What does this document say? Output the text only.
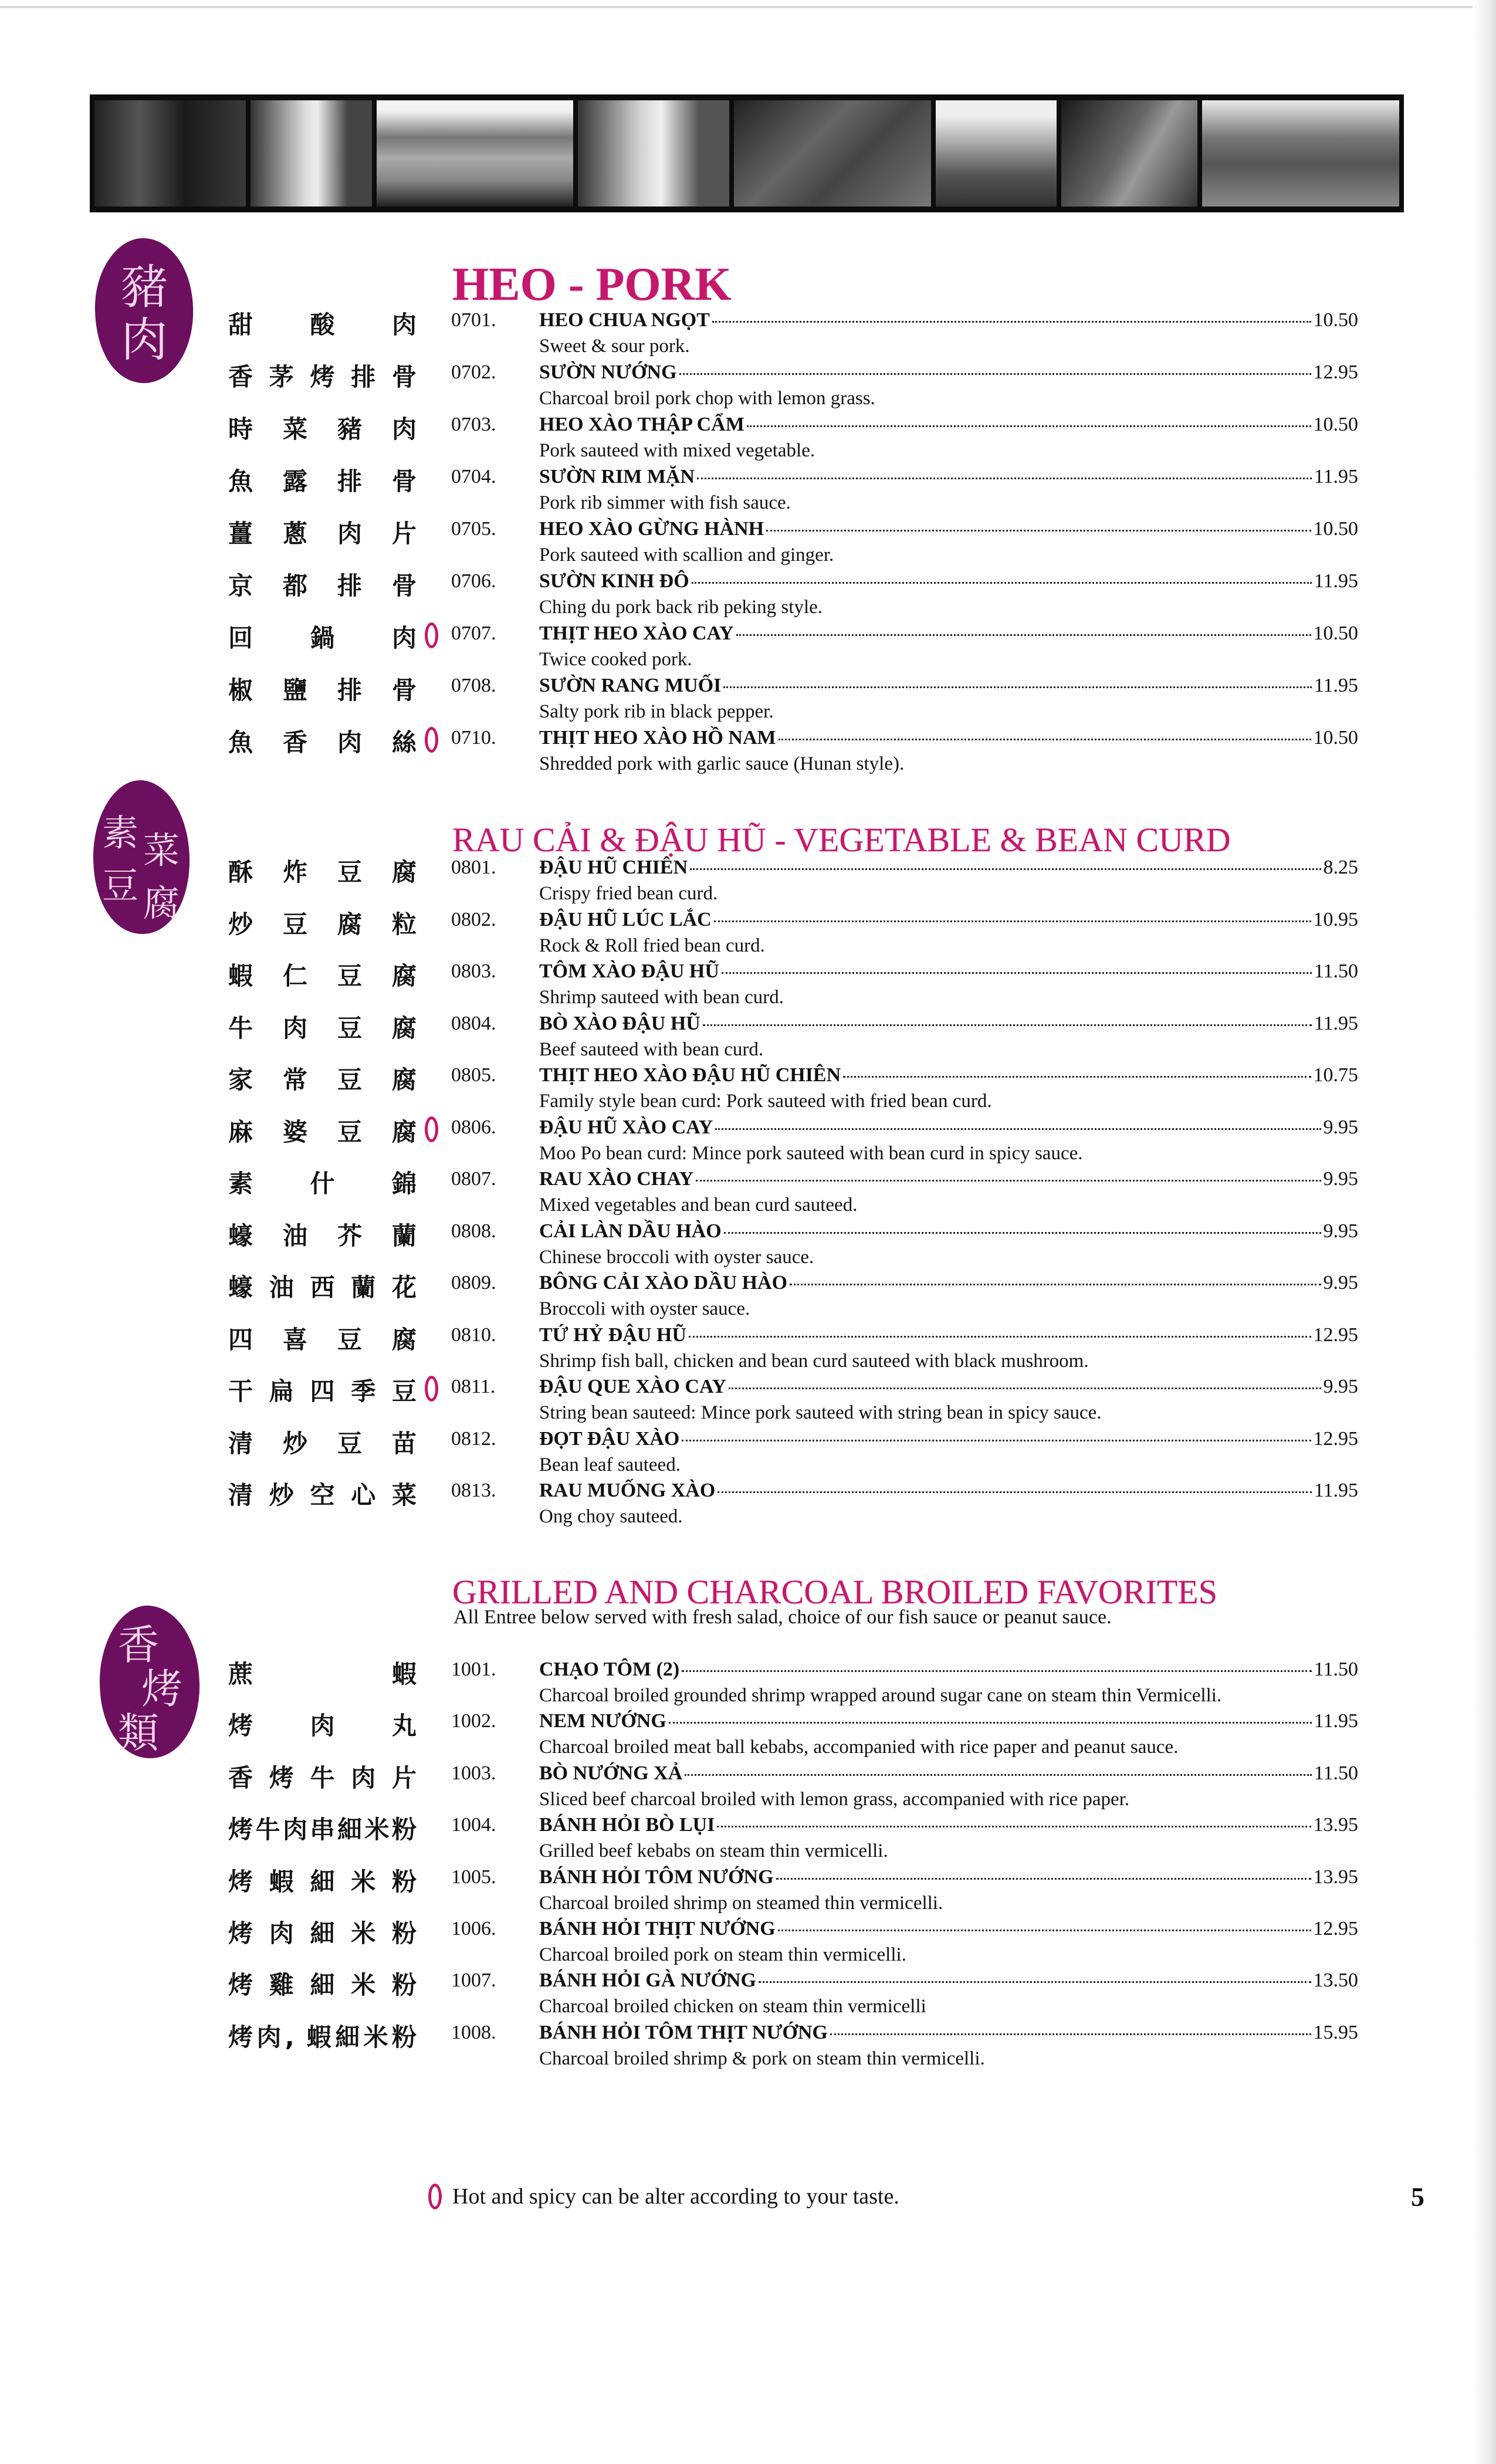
豬
肉
素 菜
豆 腐
香
烤
類
HEO - PORK
RAU CẢI & ĐẬU HŨ - VEGETABLE & BEAN CURD
GRILLED AND CHARCOAL BROILED FAVORITES
All Entree below served with fresh salad, choice of our fish sauce or peanut sauce.
甜 酸 肉 0701. HEO CHUA NGỌT	10.50
Sweet & sour pork.
香 茅 烤 排 骨 0702. SƯỜN NƯỚNG	12.95
Charcoal broil pork chop with lemon grass.
時 菜 豬 肉 0703. HEO XÀO THẬP CẨM	10.50
Pork sauteed with mixed vegetable.
魚 露 排 骨 0704. SƯỜN RIM MẶN	11.95
Pork rib simmer with fish sauce.
薑 蔥 肉 片 0705. HEO XÀO GỪNG HÀNH	10.50
Pork sauteed with scallion and ginger.
京 都 排 骨 0706. SƯỜN KINH ĐÔ	11.95
Ching du pork back rib peking style.
回 鍋 肉 0707. THỊT HEO XÀO CAY	10.50
Twice cooked pork.
椒 鹽 排 骨 0708. SƯỜN RANG MUỐI	11.95
Salty pork rib in black pepper.
魚 香 肉 絲 0710. THỊT HEO XÀO HỒ NAM	10.50
Shredded pork with garlic sauce (Hunan style).
酥 炸 豆 腐 0801. ĐẬU HŨ CHIÊN	8.25
Crispy fried bean curd.
炒 豆 腐 粒 0802. ĐẬU HŨ LÚC LẮC	10.95
Rock & Roll fried bean curd.
蝦 仁 豆 腐 0803. TÔM XÀO ĐẬU HŨ	11.50
Shrimp sauteed with bean curd.
牛 肉 豆 腐 0804. BÒ XÀO ĐẬU HŨ	11.95
Beef sauteed with bean curd.
家 常 豆 腐 0805. THỊT HEO XÀO ĐẬU HŨ CHIÊN	10.75
Family style bean curd: Pork sauteed with fried bean curd.
麻 婆 豆 腐 0806. ĐẬU HŨ XÀO CAY	9.95
Moo Po bean curd: Mince pork sauteed with bean curd in spicy sauce.
素 什 錦 0807. RAU XÀO CHAY	9.95
Mixed vegetables and bean curd sauteed.
蠔 油 芥 蘭 0808. CẢI LÀN DẦU HÀO	9.95
Chinese broccoli with oyster sauce.
蠔 油 西 蘭 花 0809. BÔNG CẢI XÀO DẦU HÀO	9.95
Broccoli with oyster sauce.
四 喜 豆 腐 0810. TỨ HỶ ĐẬU HŨ	12.95
Shrimp fish ball, chicken and bean curd sauteed with black mushroom.
干 扁 四 季 豆 0811. ĐẬU QUE XÀO CAY	9.95
String bean sauteed: Mince pork sauteed with string bean in spicy sauce.
清 炒 豆 苗 0812. ĐỌT ĐẬU XÀO	12.95
Bean leaf sauteed.
清 炒 空 心 菜 0813. RAU MUỐNG XÀO	11.95
Ong choy sauteed.
蔗 蝦 1001. CHẠO TÔM (2)	11.50
Charcoal broiled grounded shrimp wrapped around sugar cane on steam thin Vermicelli.
烤 肉 丸 1002. NEM NƯỚNG	11.95
Charcoal broiled meat ball kebabs, accompanied with rice paper and peanut sauce.
香 烤 牛 肉 片 1003. BÒ NƯỚNG XẢ	11.50
Sliced beef charcoal broiled with lemon grass, accompanied with rice paper.
烤牛肉串細米粉 1004. BÁNH HỎI BÒ LỤI	13.95
Grilled beef kebabs on steam thin vermicelli.
烤 蝦 細 米 粉 1005. BÁNH HỎI TÔM NƯỚNG	13.95
Charcoal broiled shrimp on steamed thin vermicelli.
烤 肉 細 米 粉 1006. BÁNH HỎI THỊT NƯỚNG	12.95
Charcoal broiled pork on steam thin vermicelli.
烤 雞 細 米 粉 1007. BÁNH HỎI GÀ NƯỚNG	13.50
Charcoal broiled chicken on steam thin vermicelli
烤肉, 蝦細米粉 1008. BÁNH HỎI TÔM THỊT NƯỚNG	15.95
Charcoal broiled shrimp & pork on steam thin vermicelli.
Hot and spicy can be alter according to your taste.	5
